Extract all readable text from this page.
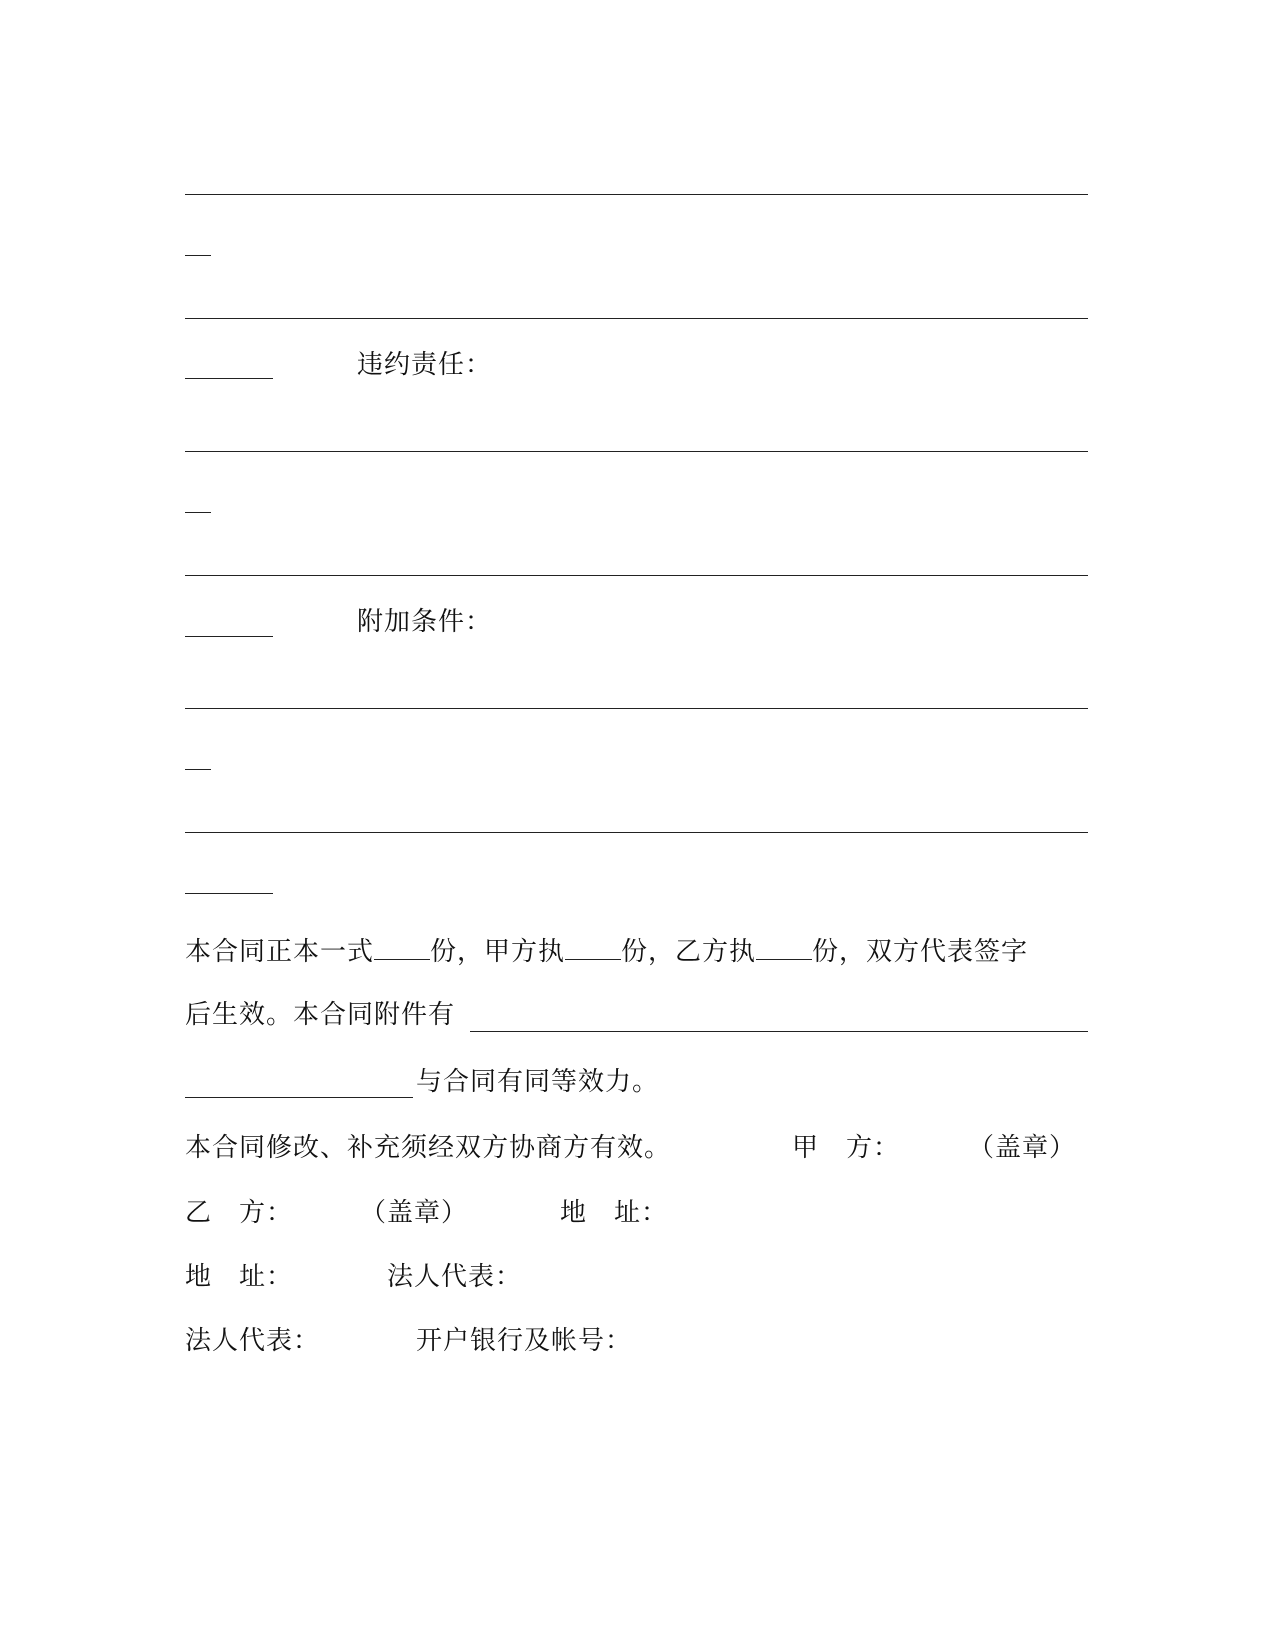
违约责任：
附加条件：
本合同正本一式 份，甲方执 份，乙方执 份，双方代表签字
后生效。本合同附件有
与合同有同等效力。
本合同修改、补充须经双方协商方有效。	甲　方：	（盖章）
乙　方：	（盖章）	地　址：
地　址：	法人代表：
法人代表：	开户银行及帐号：
